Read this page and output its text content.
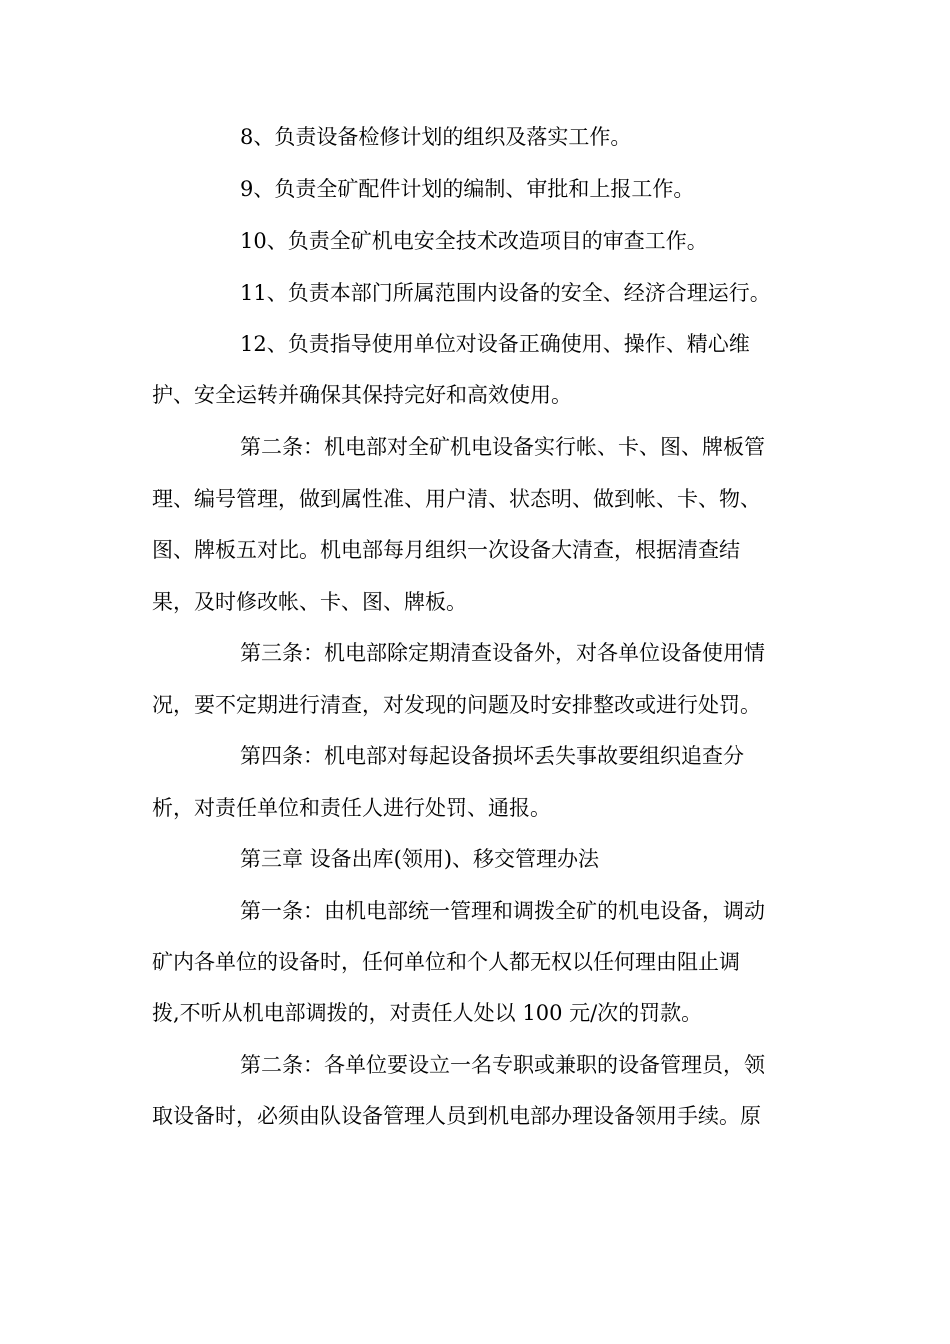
8、负责设备检修计划的组织及落实工作。
9、负责全矿配件计划的编制、审批和上报工作。
10、负责全矿机电安全技术改造项目的审查工作。
11、负责本部门所属范围内设备的安全、经济合理运行。
12、负责指导使用单位对设备正确使用、操作、精心维
护、安全运转并确保其保持完好和高效使用。
第二条：机电部对全矿机电设备实行帐、卡、图、牌板管
理、编号管理，做到属性准、用户清、状态明、做到帐、卡、物、
图、牌板五对比。机电部每月组织一次设备大清查，根据清查结
果，及时修改帐、卡、图、牌板。
第三条：机电部除定期清查设备外，对各单位设备使用情
况，要不定期进行清查，对发现的问题及时安排整改或进行处罚。
第四条：机电部对每起设备损坏丢失事故要组织追查分
析，对责任单位和责任人进行处罚、通报。
第三章 设备出库(领用)、移交管理办法
第一条：由机电部统一管理和调拨全矿的机电设备，调动
矿内各单位的设备时，任何单位和个人都无权以任何理由阻止调
拨,不听从机电部调拨的，对责任人处以 100 元/次的罚款。
第二条：各单位要设立一名专职或兼职的设备管理员，领
取设备时，必须由队设备管理人员到机电部办理设备领用手续。原
